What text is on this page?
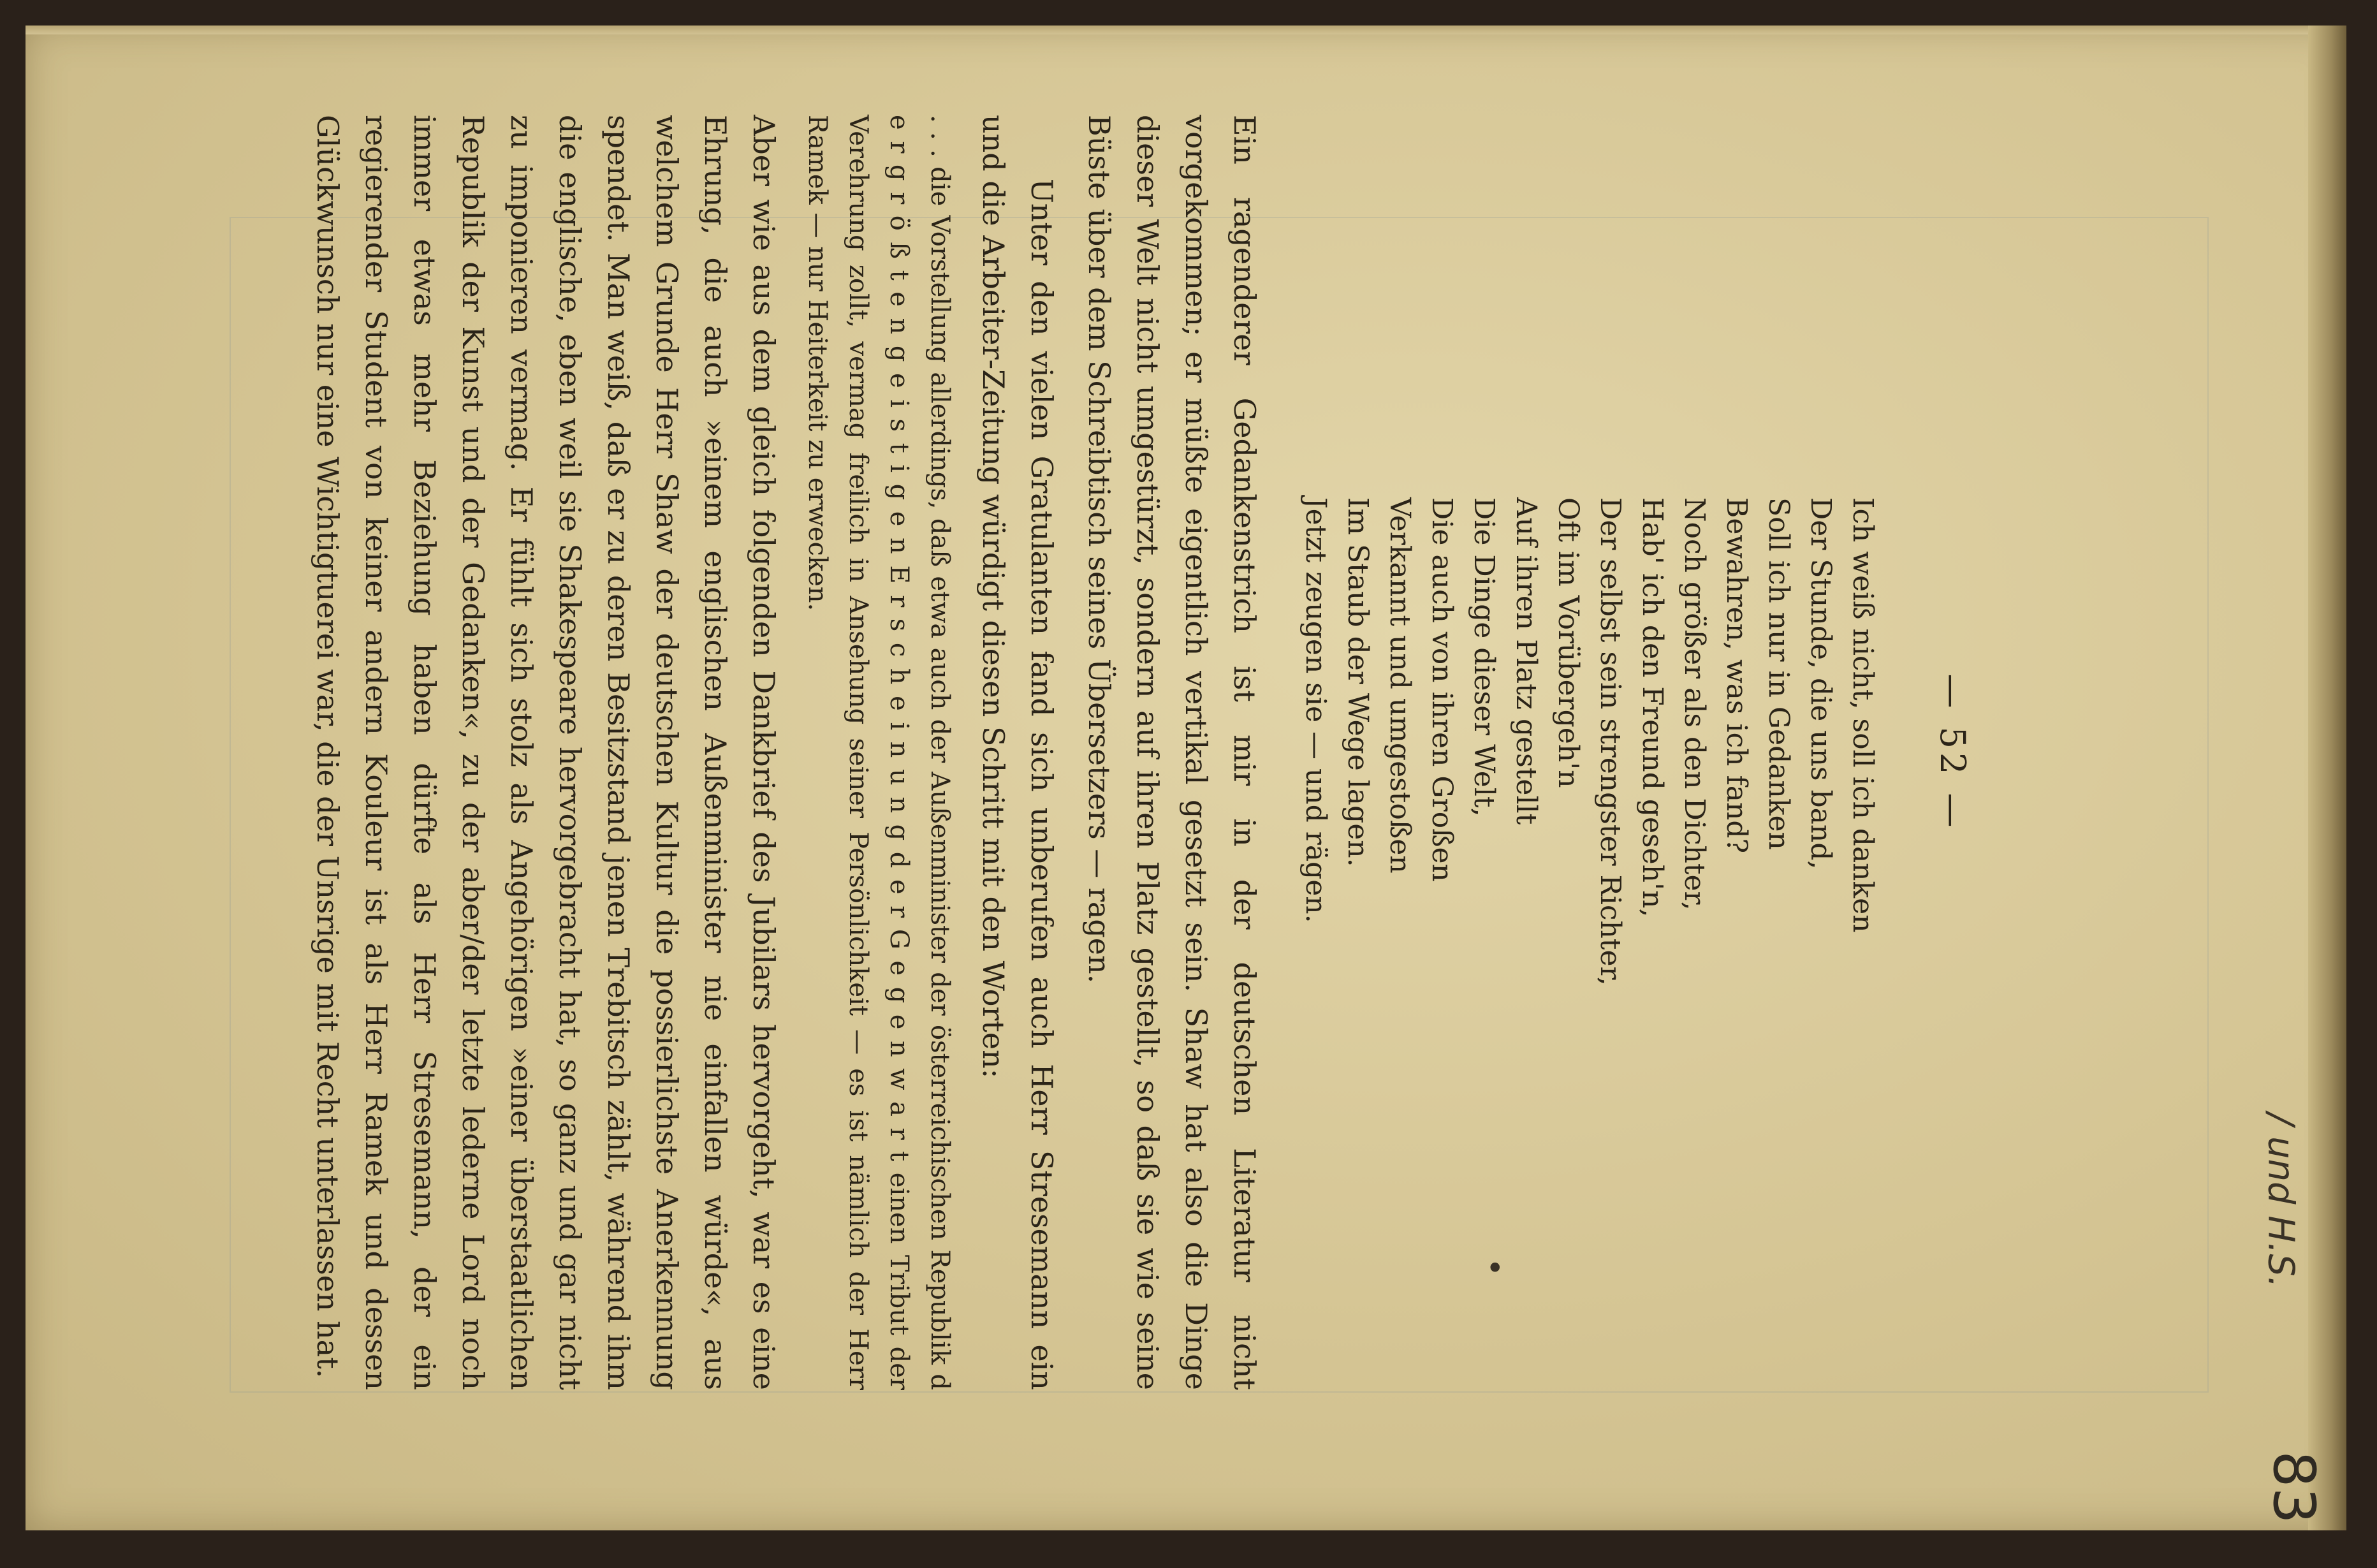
— 52 —
Ich weiß nicht, soll ich danken
Der Stunde, die uns band,
Soll ich nur in Gedanken
Bewahren, was ich fand?
Noch größer als den Dichter,
Hab' ich den Freund geseh'n,
Der selbst sein strengster Richter,
Oft im Vorübergeh'n
Auf ihren Platz gestellt
Die Dinge dieser Welt,
Die auch von ihren Großen
Verkannt und umgestoßen
Im Staub der Wege lagen.
Jetzt zeugen sie — und rägen.

Ein ragenderer Gedankenstrich ist mir in der deutschen Literatur nicht vorgekommen; er müßte eigentlich vertikal gesetzt sein. Shaw hat also die Dinge dieser Welt nicht umgestürzt, sondern auf ihren Platz gestellt, so daß sie wie seine Büste über dem Schreibtisch seines Übersetzers — ragen.

Unter den vielen Gratulanten fand sich unberufen auch Herr Stresemann ein und die Arbeiter-Zeitung würdigt diesen Schritt mit den Worten:

. . . die Vorstellung allerdings, daß etwa auch der Außenminister der österreichischen Republik d e r g r ö ß t e n g e i s t i g e n E r s c h e i n u n g d e r G e g e n w a r t einen Tribut der Verehrung zollt, vermag freilich in Ansehung seiner Persönlichkeit — es ist nämlich der Herr Ramek — nur Heiterkeit zu erwecken.

Aber wie aus dem gleich folgenden Dankbrief des Jubilars hervorgeht, war es eine Ehrung, die auch »einem englischen Außenminister nie einfallen würde«, aus welchem Grunde Herr Shaw der deutschen Kultur die possierlichste Anerkennung spendet. Man weiß, daß er zu deren Besitzstand jenen Trebitsch zählt, während ihm die englische, eben weil sie Shakespeare hervorgebracht hat, so ganz und gar nicht zu imponieren vermag. Er fühlt sich stolz als Angehörigen »einer überstaatlichen Republik der Kunst und der Gedanken«, zu der aber/der letzte lederne Lord noch immer etwas mehr Beziehung haben dürfte als Herr Stresemann, der ein regierender Student von keiner andern Kouleur ist als Herr Ramek und dessen Glückwunsch nur eine Wichtigtuerei war, die der Unsrige mit Recht unterlassen hat.	/ und H.S.
83
•
